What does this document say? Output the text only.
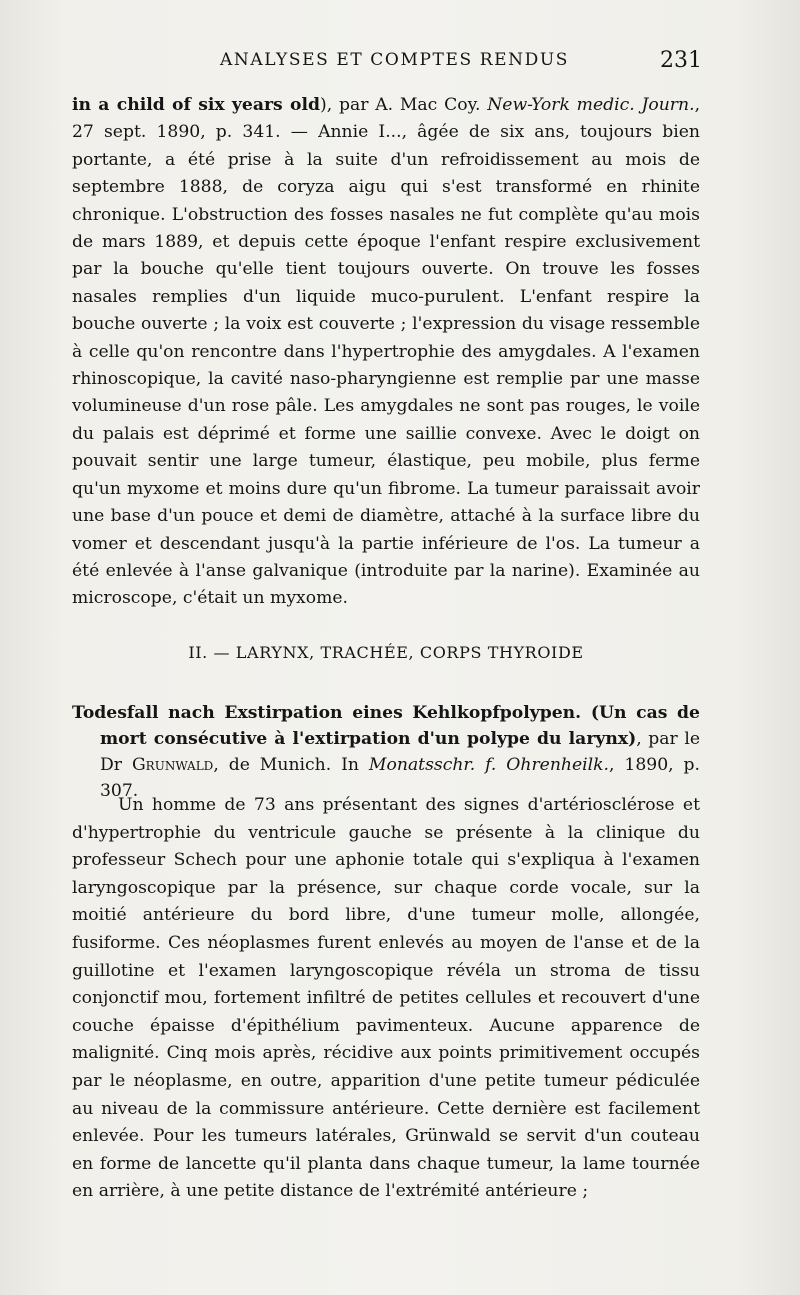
ANALYSES ET COMPTES RENDUS	231

in a child of six years old), par A. Mac Coy. New-York medic. Journ., 27 sept. 1890, p. 341. — Annie I..., âgée de six ans, toujours bien portante, a été prise à la suite d'un refroidissement au mois de septembre 1888, de coryza aigu qui s'est transformé en rhinite chronique. L'obstruction des fosses nasales ne fut complète qu'au mois de mars 1889, et depuis cette époque l'enfant respire exclusivement par la bouche qu'elle tient toujours ouverte. On trouve les fosses nasales remplies d'un liquide muco-purulent. L'enfant respire la bouche ouverte ; la voix est couverte ; l'expression du visage ressemble à celle qu'on rencontre dans l'hypertrophie des amygdales. A l'examen rhinoscopique, la cavité naso-pharyngienne est remplie par une masse volumineuse d'un rose pâle. Les amygdales ne sont pas rouges, le voile du palais est déprimé et forme une saillie convexe. Avec le doigt on pouvait sentir une large tumeur, élastique, peu mobile, plus ferme qu'un myxome et moins dure qu'un fibrome. La tumeur paraissait avoir une base d'un pouce et demi de diamètre, attaché à la surface libre du vomer et descendant jusqu'à la partie inférieure de l'os. La tumeur a été enlevée à l'anse galvanique (introduite par la narine). Examinée au microscope, c'était un myxome.

II. — LARYNX, TRACHÉE, CORPS THYROIDE
Todesfall nach Exstirpation eines Kehlkopfpolypen. (Un cas de mort consécutive à l'extirpation d'un polype du larynx), par le Dr Grunwald, de Munich. In Monatsschr. f. Ohrenheilk., 1890, p. 307.

Un homme de 73 ans présentant des signes d'artériosclérose et d'hypertrophie du ventricule gauche se présente à la clinique du professeur Schech pour une aphonie totale qui s'expliqua à l'examen laryngoscopique par la présence, sur chaque corde vocale, sur la moitié antérieure du bord libre, d'une tumeur molle, allongée, fusiforme. Ces néoplasmes furent enlevés au moyen de l'anse et de la guillotine et l'examen laryngoscopique révéla un stroma de tissu conjonctif mou, fortement infiltré de petites cellules et recouvert d'une couche épaisse d'épithélium pavimenteux. Aucune apparence de malignité. Cinq mois après, récidive aux points primitivement occupés par le néoplasme, en outre, apparition d'une petite tumeur pédiculée au niveau de la commissure antérieure. Cette dernière est facilement enlevée. Pour les tumeurs latérales, Grünwald se servit d'un couteau en forme de lancette qu'il planta dans chaque tumeur, la lame tournée en arrière, à une petite distance de l'extrémité antérieure ;
